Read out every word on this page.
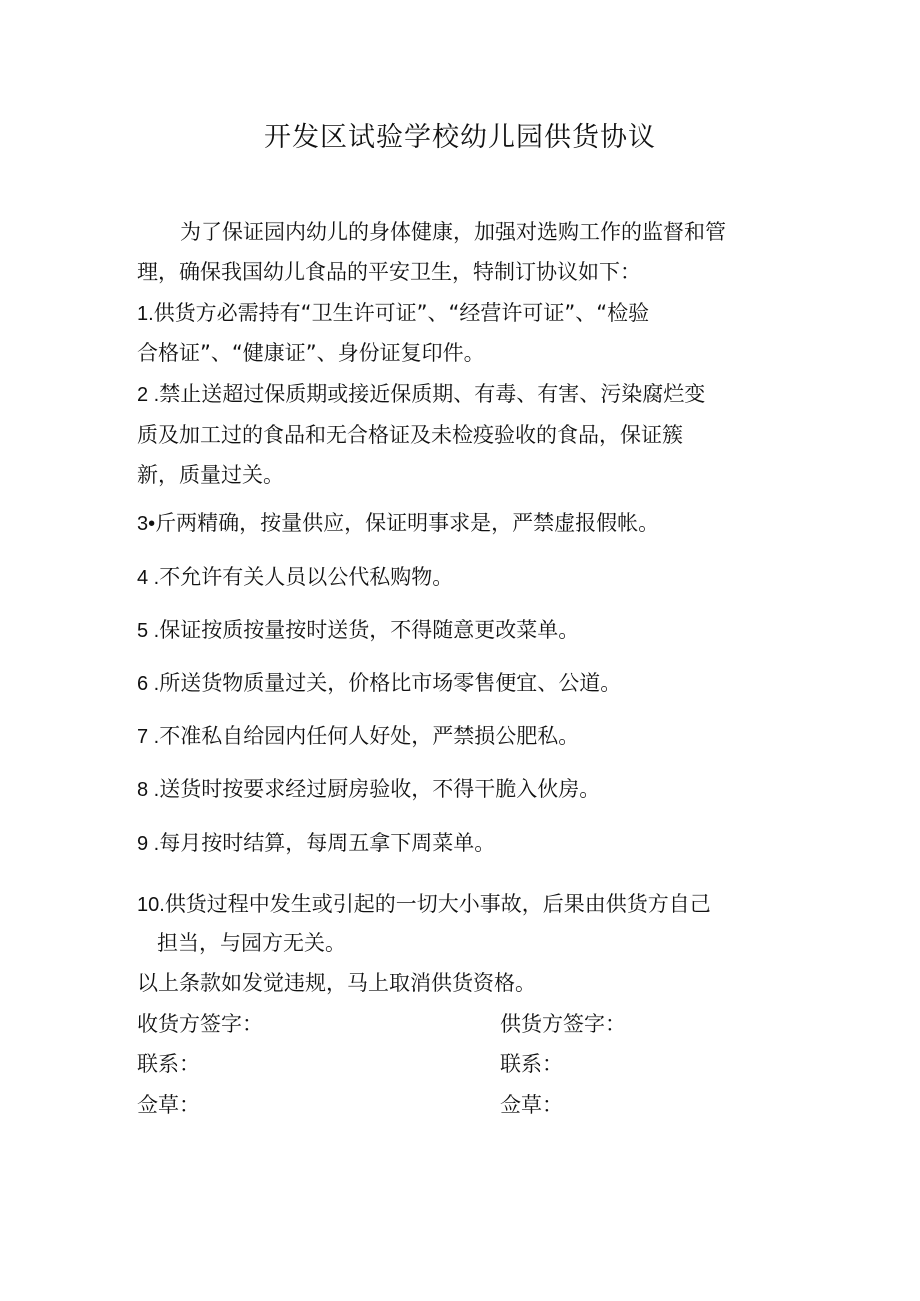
开发区试验学校幼儿园供货协议
为了保证园内幼儿的身体健康，加强对选购工作的监督和管
理，确保我国幼儿食品的平安卫生，特制订协议如下：
1.供货方必需持有“卫生许可证”、“经营许可证”、“检验
合格证”、“健康证”、身份证复印件。
2 .禁止送超过保质期或接近保质期、有毒、有害、污染腐烂变
质及加工过的食品和无合格证及未检疫验收的食品，保证簇
新，质量过关。
3•斤两精确，按量供应，保证明事求是，严禁虚报假帐。
4 .不允许有关人员以公代私购物。
5 .保证按质按量按时送货，不得随意更改菜单。
6 .所送货物质量过关，价格比市场零售便宜、公道。
7 .不准私自给园内任何人好处，严禁损公肥私。
8 .送货时按要求经过厨房验收，不得干脆入伙房。
9 .每月按时结算，每周五拿下周菜单。
10.供货过程中发生或引起的一切大小事故，后果由供货方自己
担当，与园方无关。
以上条款如发觉违规，马上取消供货资格。
收货方签字：	供货方签字：
联系：	联系：
佥草：	佥草：
